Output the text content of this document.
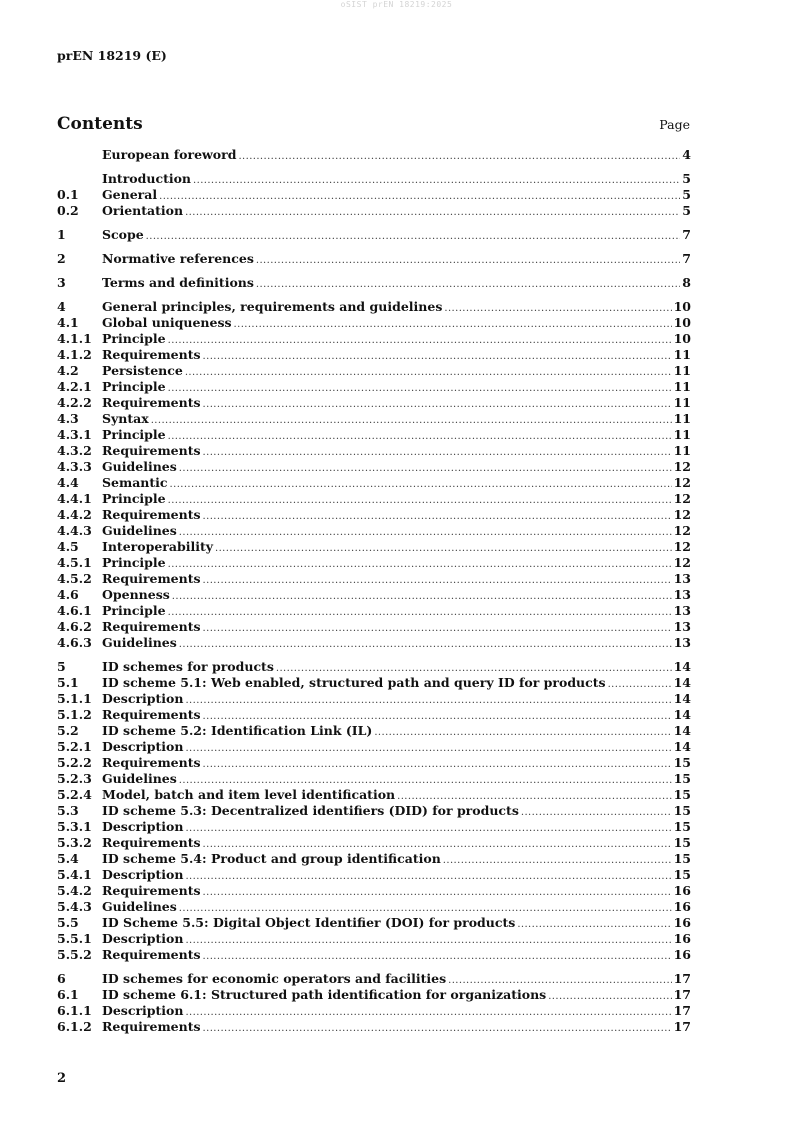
oSIST prEN 18219:2025
prEN 18219 (E)
Contents	Page
European foreword .....	4
Introduction .....	5
0.1	General .....	5
0.2	Orientation .....	5
1	Scope .....	7
2	Normative references .....	7
3	Terms and definitions .....	8
4	General principles, requirements and guidelines .....	10
4.1	Global uniqueness .....	10
4.1.1 Principle .....	10
4.1.2 Requirements .....	11
4.2	Persistence .....	11
4.2.1 Principle .....	11
4.2.2 Requirements .....	11
4.3	Syntax .....	11
4.3.1 Principle .....	11
4.3.2 Requirements .....	11
4.3.3 Guidelines .....	12
4.4	Semantic .....	12
4.4.1 Principle .....	12
4.4.2 Requirements .....	12
4.4.3 Guidelines .....	12
4.5	Interoperability .....	12
4.5.1 Principle .....	12
4.5.2 Requirements .....	13
4.6	Openness .....	13
4.6.1 Principle .....	13
4.6.2 Requirements .....	13
4.6.3 Guidelines .....	13
5	ID schemes for products .....	14
5.1	ID scheme 5.1: Web enabled, structured path and query ID for products .....	14
5.1.1 Description .....	14
5.1.2 Requirements .....	14
5.2	ID scheme 5.2: Identification Link (IL) .....	14
5.2.1 Description .....	14
5.2.2 Requirements .....	15
5.2.3 Guidelines .....	15
5.2.4 Model, batch and item level identification .....	15
5.3	ID scheme 5.3: Decentralized identifiers (DID) for products .....	15
5.3.1 Description .....	15
5.3.2 Requirements .....	15
5.4	ID scheme 5.4: Product and group identification .....	15
5.4.1 Description .....	15
5.4.2 Requirements .....	16
5.4.3 Guidelines .....	16
5.5	ID Scheme 5.5: Digital Object Identifier (DOI) for products .....	16
5.5.1 Description .....	16
5.5.2 Requirements .....	16
6	ID schemes for economic operators and facilities .....	17
6.1	ID scheme 6.1: Structured path identification for organizations .....	17
6.1.1 Description .....	17
6.1.2 Requirements .....	17
2
